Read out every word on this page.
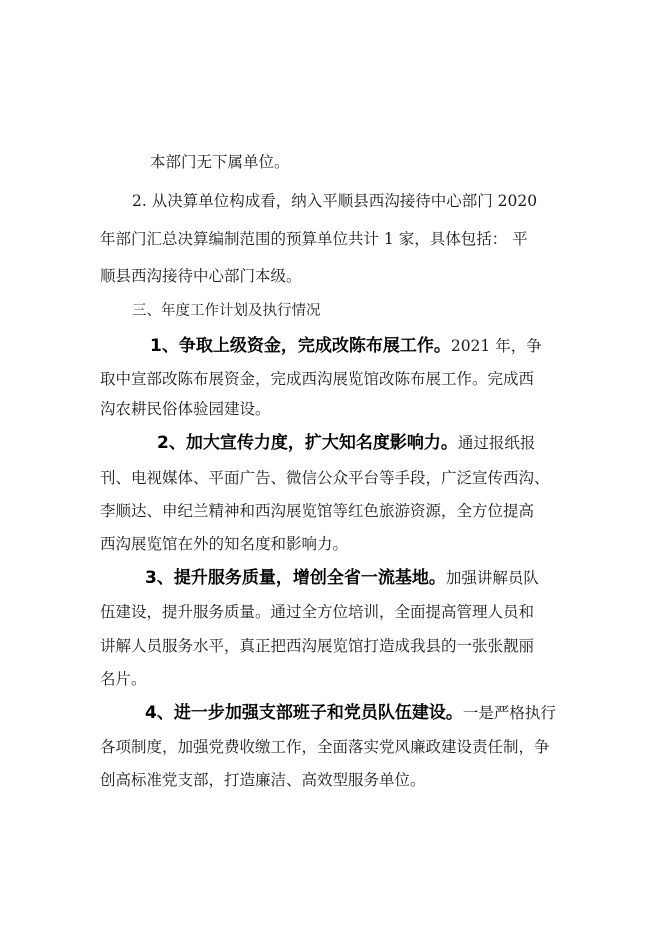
本部门无下属单位。
2. 从决算单位构成看，纳入平顺县西沟接待中心部门 2020
年部门汇总决算编制范围的预算单位共计 1 家，具体包括： 平
顺县西沟接待中心部门本级。
三、年度工作计划及执行情况
1、争取上级资金，完成改陈布展工作。2021 年，争
取中宣部改陈布展资金，完成西沟展览馆改陈布展工作。完成西
沟农耕民俗体验园建设。
2、加大宣传力度，扩大知名度影响力。通过报纸报
刊、电视媒体、平面广告、微信公众平台等手段，广泛宣传西沟、
李顺达、申纪兰精神和西沟展览馆等红色旅游资源，全方位提高
西沟展览馆在外的知名度和影响力。
3、提升服务质量，增创全省一流基地。加强讲解员队
伍建设，提升服务质量。通过全方位培训，全面提高管理人员和
讲解人员服务水平，真正把西沟展览馆打造成我县的一张张靓丽
名片。
4、进一步加强支部班子和党员队伍建设。一是严格执行
各项制度，加强党费收缴工作，全面落实党风廉政建设责任制，争
创高标准党支部，打造廉洁、高效型服务单位。
